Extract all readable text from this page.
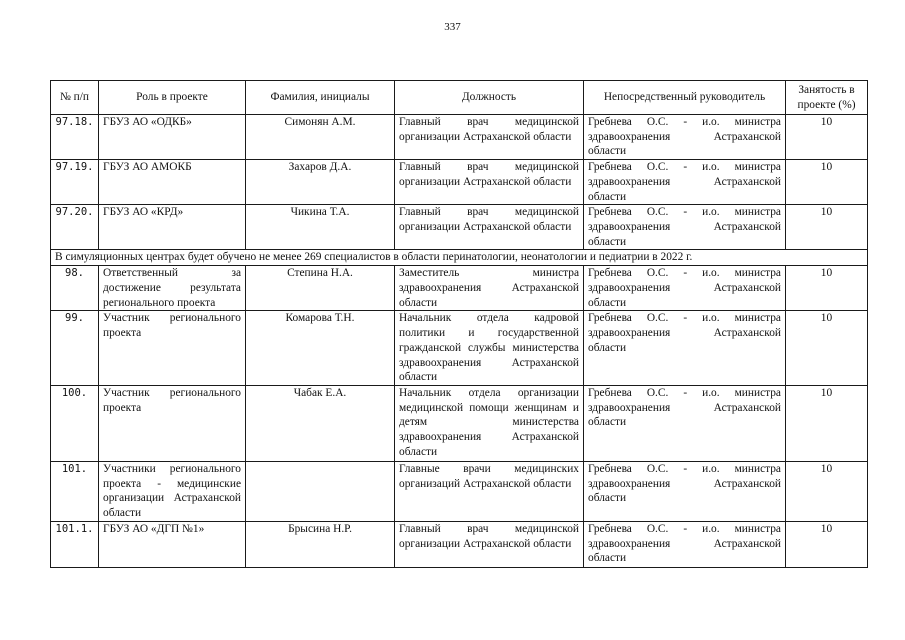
337
№ п/п	Роль в проекте	Фамилия, инициалы	Должность	Непосредственный руководитель	Занятость в проекте (%)
97.18.	ГБУЗ АО «ОДКБ»	Симонян А.М.	Главный врач медицинской организации Астраханской области	Гребнева О.С. - и.о. министра здравоохранения Астраханской области	10
97.19.	ГБУЗ АО АМОКБ	Захаров Д.А.	Главный врач медицинской организации Астраханской области	Гребнева О.С. - и.о. министра здравоохранения Астраханской области	10
97.20.	ГБУЗ АО «КРД»	Чикина Т.А.	Главный врач медицинской организации Астраханской области	Гребнева О.С. - и.о. министра здравоохранения Астраханской области	10
В симуляционных центрах будет обучено не менее 269 специалистов в области перинатологии, неонатологии и педиатрии в 2022 г.					
98.	Ответственный за достижение результата регионального проекта	Степина Н.А.	Заместитель министра здравоохранения Астраханской области	Гребнева О.С. - и.о. министра здравоохранения Астраханской области	10
99.	Участник регионального проекта	Комарова Т.Н.	Начальник отдела кадровой политики и государственной гражданской службы министерства здравоохранения Астраханской области	Гребнева О.С. - и.о. министра здравоохранения Астраханской области	10
100.	Участник регионального проекта	Чабак Е.А.	Начальник отдела организации медицинской помощи женщинам и детям министерства здравоохранения Астраханской области	Гребнева О.С. - и.о. министра здравоохранения Астраханской области	10
101.	Участники регионального проекта - медицинские организации Астраханской области		Главные врачи медицинских организаций Астраханской области	Гребнева О.С. - и.о. министра здравоохранения Астраханской области	10
101.1.	ГБУЗ АО «ДГП №1»	Брысина Н.Р.	Главный врач медицинской организации Астраханской области	Гребнева О.С. - и.о. министра здравоохранения Астраханской области	10
